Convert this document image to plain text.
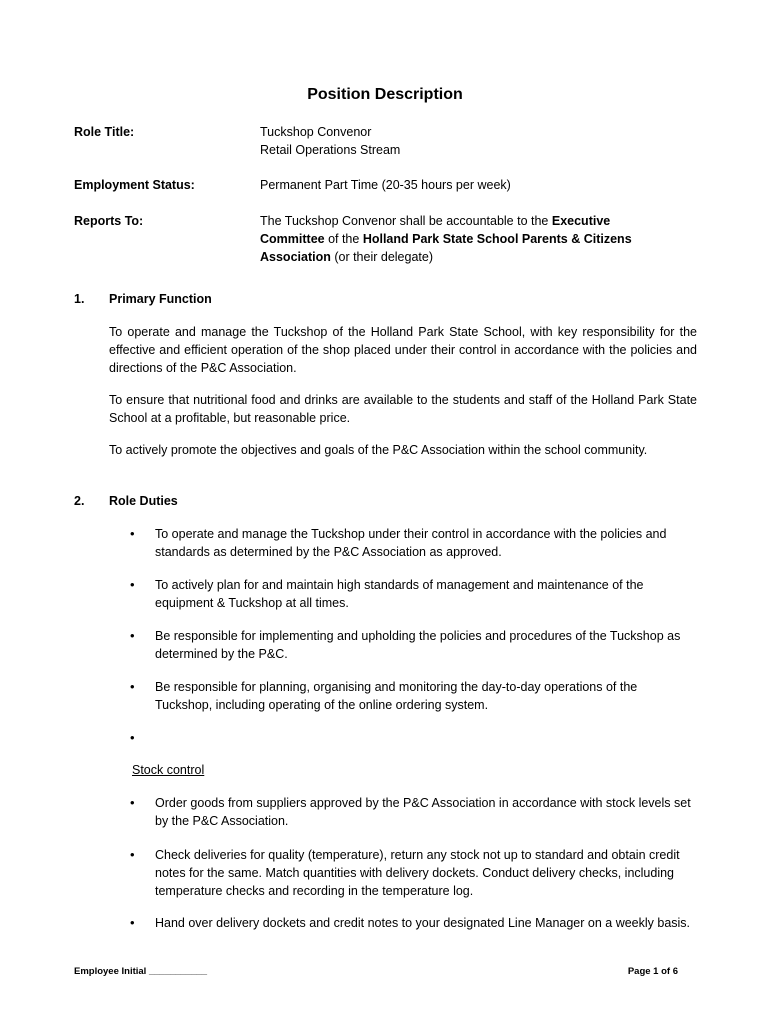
Position Description
Role Title:	Tuckshop Convenor
Retail Operations Stream
Employment Status:	Permanent Part Time (20-35 hours per week)
Reports To:	The Tuckshop Convenor shall be accountable to the Executive
Committee of the Holland Park State School Parents & Citizens
Association (or their delegate)
1. Primary Function

To operate and manage the Tuckshop of the Holland Park State School, with key responsibility for the effective and efficient operation of the shop placed under their control in accordance with the policies and directions of the P&C Association.

To ensure that nutritional food and drinks are available to the students and staff of the Holland Park State School at a profitable, but reasonable price.

To actively promote the objectives and goals of the P&C Association within the school community.

2. Role Duties
• To operate and manage the Tuckshop under their control in accordance with the policies and standards as determined by the P&C Association as approved.

• To actively plan for and maintain high standards of management and maintenance of the equipment & Tuckshop at all times.

• Be responsible for implementing and upholding the policies and procedures of the Tuckshop as determined by the P&C.

• Be responsible for planning, organising and monitoring the day-to-day operations of the Tuckshop, including operating of the online ordering system.

•
Stock control
• Order goods from suppliers approved by the P&C Association in accordance with stock levels set by the P&C Association.

• Check deliveries for quality (temperature), return any stock not up to standard and obtain credit notes for the same. Match quantities with delivery dockets. Conduct delivery checks, including temperature checks and recording in the temperature log.

• Hand over delivery dockets and credit notes to your designated Line Manager on a weekly basis.

Employee Initial ___________	Page 1 of 6
